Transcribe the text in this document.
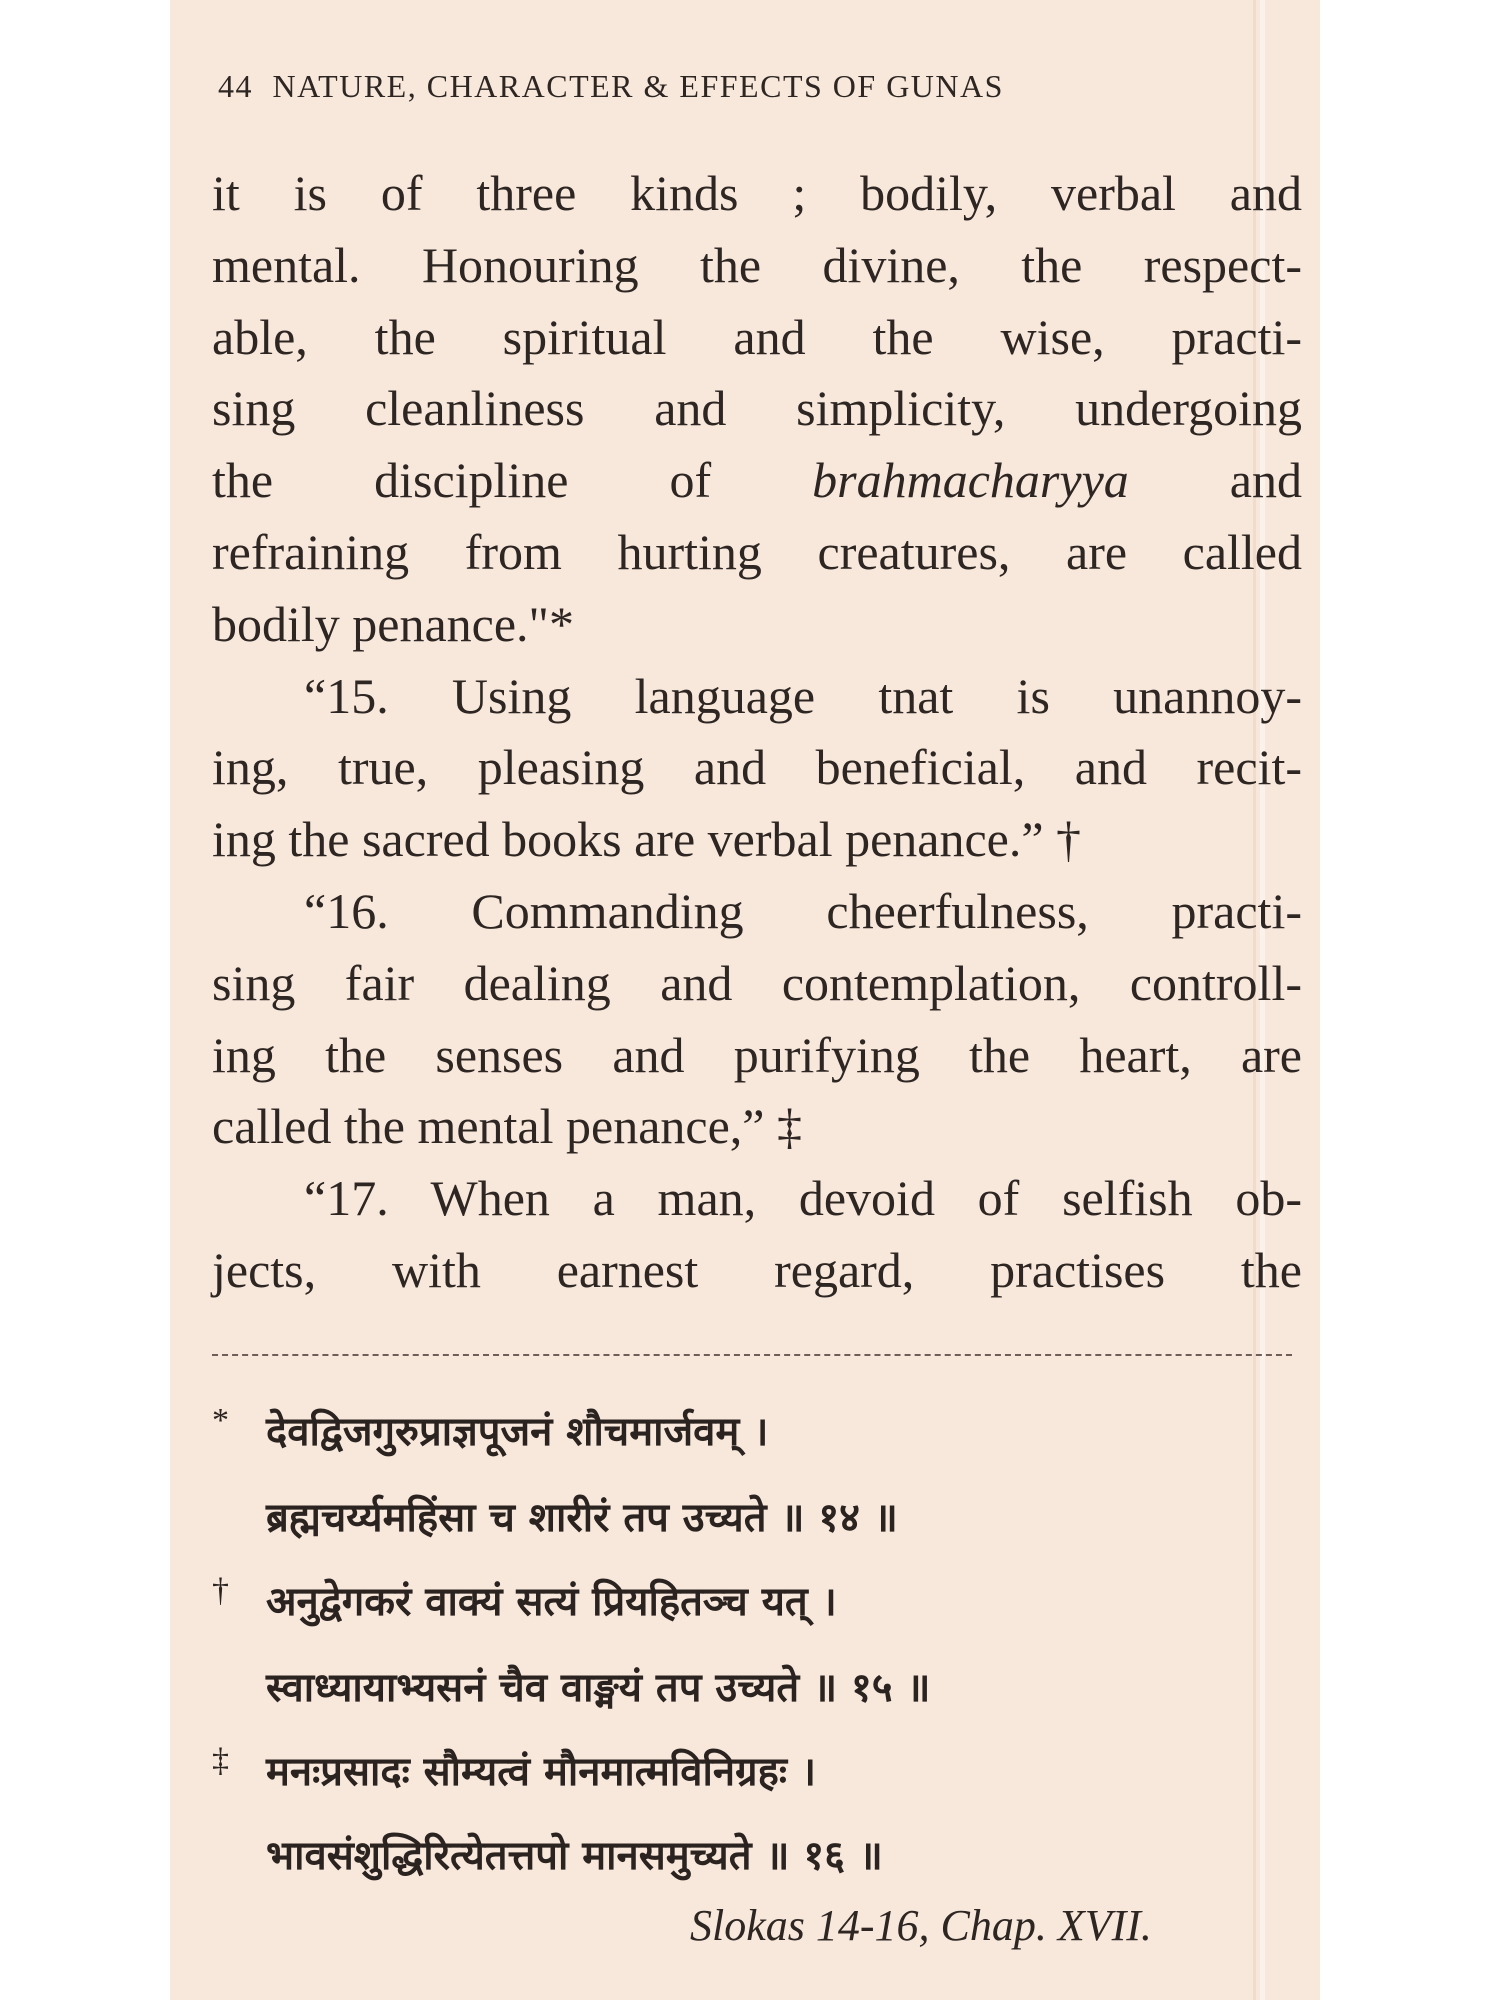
44 NATURE, CHARACTER & EFFECTS OF GUNAS
it is of three kinds ; bodily, verbal and
mental. Honouring the divine, the respect-
able, the spiritual and the wise, practi-
sing cleanliness and simplicity, undergoing
the discipline of brahmacharyya and
refraining from hurting creatures, are called
bodily penance."*
“15. Using language tnat is unannoy-
ing, true, pleasing and beneficial, and recit-
ing the sacred books are verbal penance.” †
“16. Commanding cheerfulness, practi-
sing fair dealing and contemplation, controll-
ing the senses and purifying the heart, are
called the mental penance,” ‡
“17. When a man, devoid of selfish ob-
jects, with earnest regard, practises the
* देवद्विजगुरुप्राज्ञपूजनं शौचमार्जवम् ।
ब्रह्मचर्य्यमहिंसा च शारीरं तप उच्यते ॥ १४ ॥
† अनुद्वेगकरं वाक्यं सत्यं प्रियहितञ्च यत् ।
स्वाध्यायाभ्यसनं चैव वाङ्मयं तप उच्यते ॥ १५ ॥
‡ मनःप्रसादः सौम्यत्वं मौनमात्मविनिग्रहः ।
भावसंशुद्धिरित्येतत्तपो मानसमुच्यते ॥ १६ ॥
Slokas 14-16, Chap. XVII.
